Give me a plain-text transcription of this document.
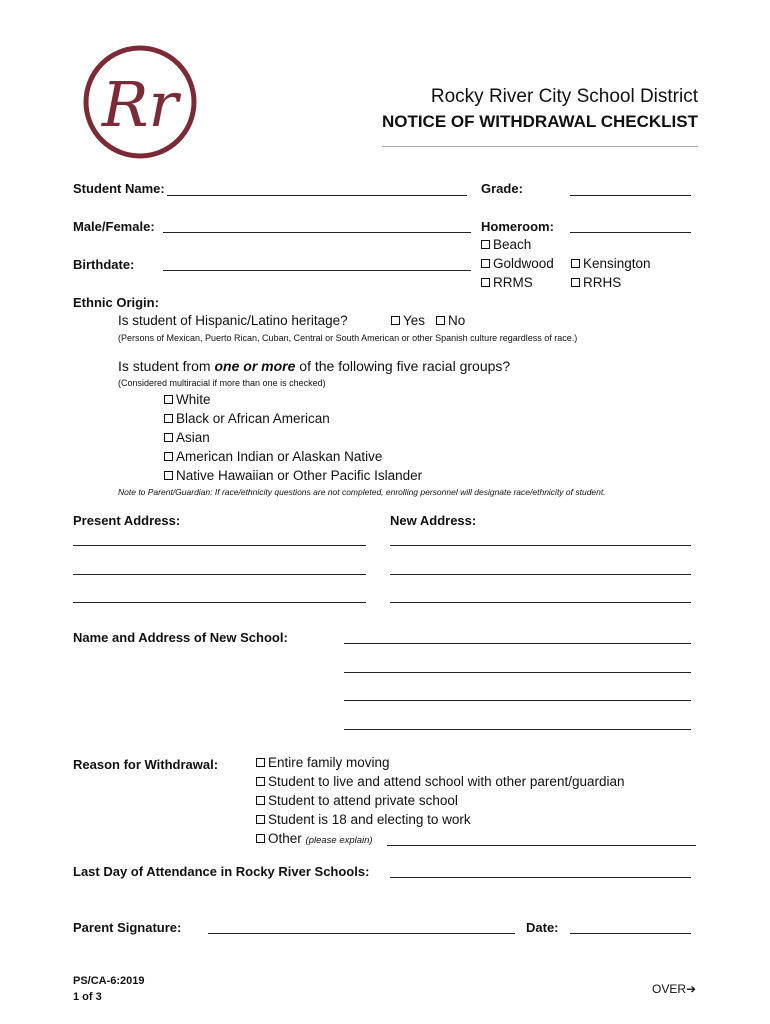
Rr	Rocky River City School District
NOTICE OF WITHDRAWAL CHECKLIST
Student Name:	Grade:
Male/Female:	Homeroom:
Beach
Goldwood	Kensington
RRMS	RRHS
Birthdate:
Ethnic Origin:
Is student of Hispanic/Latino heritage?	Yes	No
(Persons of Mexican, Puerto Rican, Cuban, Central or South American or other Spanish culture regardless of race.)
Is student from one or more of the following five racial groups?
(Considered multiracial if more than one is checked)
White
Black or African American
Asian
American Indian or Alaskan Native
Native Hawaiian or Other Pacific Islander
Note to Parent/Guardian: If race/ethnicity questions are not completed, enrolling personnel will designate race/ethnicity of student.
Present Address:	New Address:
Name and Address of New School:
Reason for Withdrawal:	Entire family moving
Student to live and attend school with other parent/guardian
Student to attend private school
Student is 18 and electing to work
Other (please explain)
Last Day of Attendance in Rocky River Schools:
Parent Signature:	Date:
PS/CA-6:2019
1 of 3
OVER➔
